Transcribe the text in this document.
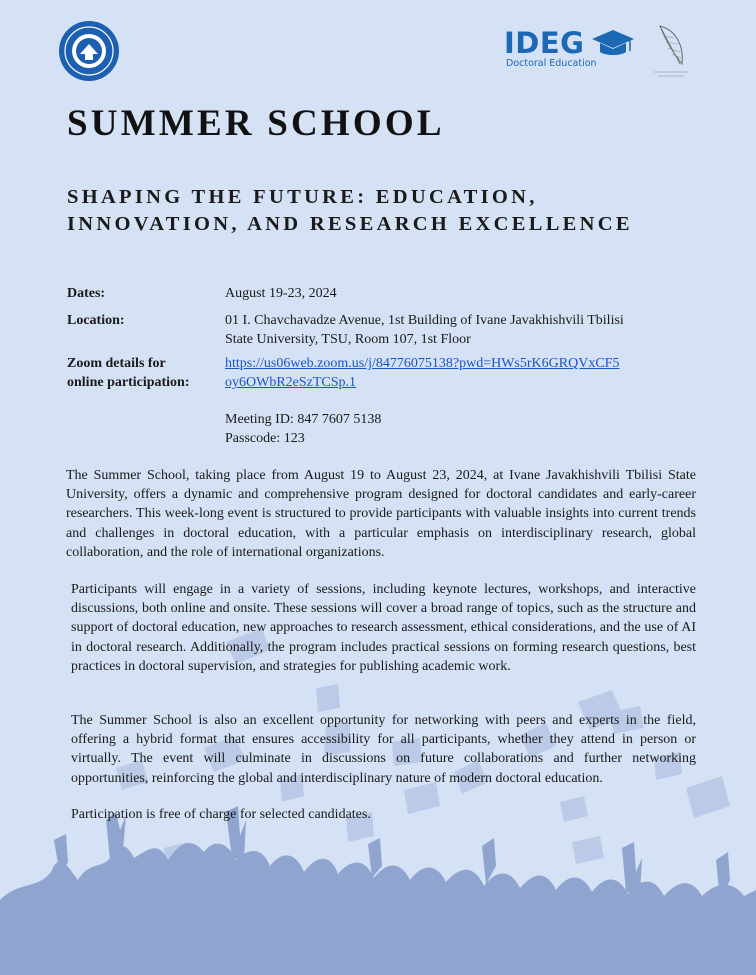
IDEG
Doctoral Education
SUMMER SCHOOL
SHAPING THE FUTURE: EDUCATION,
INNOVATION, AND RESEARCH EXCELLENCE
Dates:	August 19-23, 2024
Location:	01 I. Chavchavadze Avenue, 1st Building of Ivane Javakhishvili Tbilisi
State University, TSU, Room 107, 1st Floor
Zoom details for
online participation:
https://us06web.zoom.us/j/84776075138?pwd=HWs5rK6GRQVxCF5
oy6OWbR2eSzTCSp.1
Meeting ID: 847 7607 5138
Passcode: 123

The Summer School, taking place from August 19 to August 23, 2024, at Ivane Javakhishvili Tbilisi State University, offers a dynamic and comprehensive program designed for doctoral candidates and early-career researchers. This week-long event is structured to provide participants with valuable insights into current trends and challenges in doctoral education, with a particular emphasis on interdisciplinary research, global collaboration, and the role of international organizations.

Participants will engage in a variety of sessions, including keynote lectures, workshops, and interactive discussions, both online and onsite. These sessions will cover a broad range of topics, such as the structure and support of doctoral education, new approaches to research assessment, ethical considerations, and the use of AI in doctoral research. Additionally, the program includes practical sessions on forming research questions, best practices in doctoral supervision, and strategies for publishing academic work.

The Summer School is also an excellent opportunity for networking with peers and experts in the field, offering a hybrid format that ensures accessibility for all participants, whether they attend in person or virtually. The event will culminate in discussions on future collaborations and further networking opportunities, reinforcing the global and interdisciplinary nature of modern doctoral education.

Participation is free of charge for selected candidates.
